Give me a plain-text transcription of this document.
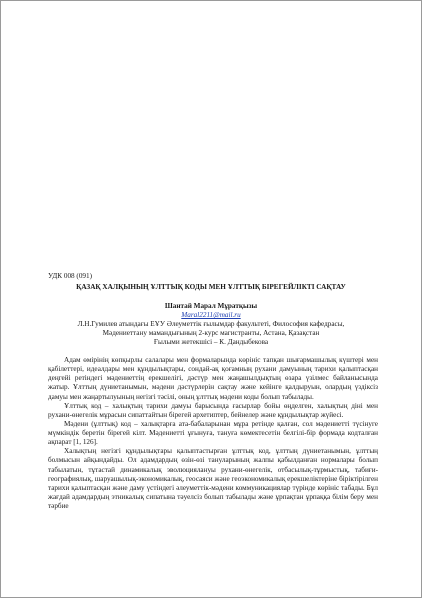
УДК 008 (091)
ҚАЗАҚ ХАЛҚЫНЫҢ ҰЛТТЫҚ КОДЫ МЕН ҰЛТТЫҚ БІРЕГЕЙЛІКТІ САҚТАУ
Шантай Марал Мұратқызы
Maral2211@mail.ru
Л.Н.Гумилев атындағы ЕҰУ Әлеуметтік ғылымдар факультеті, Философия кафедрасы,
Мәдениеттану мамандығының 2-курс магистранты, Астана, Қазақстан
Ғылыми жетекшісі – К. Дандыбекова

Адам өмірінің көпқырлы салалары мен формаларында көрініс тапқан шығармашылық күштері мен қабілеттері, идеалдары мен құндылықтары, сондай-ақ қоғамның рухани дамуының тарихи қалыптасқан деңгейі ретіндегі мәдениеттің ерекшелігі, дәстүр мен жаңашылдықтың өзара үзілмес байланысында жатыр. Ұлттың дүниетанымын, мәдени дәстүрлерін сақтау және кейінге қалдыруын, олардың үздіксіз дамуы мен жаңартылуының негізгі тәсілі, оның ұлттық мәдени коды болып табылады.

Ұлттық код – халықтың тарихи дамуы барысында ғасырлар бойы өңделген, халықтың діні мен рухани-өнегелік мұрасын сипаттайтын бірегей архетиптер, бейнелер және құндылықтар жүйесі.

Мәдени (ұлттық) код – халықтарға ата-бабаларынан мұра ретінде қалған, сол мәдениетті түсінуге мүмкіндік беретін бірегей кілт. Мәдениетті ұғынуға, тануға көмектесетін белгілі-бір формада кодталған ақпарат [1, 126].

Халықтың негізгі құндылықтары қалыптастырған ұлттық код, ұлттың дүниетанымын, ұлттың болмысын айқындайды. Ол адамдардың өзін-өзі тануларының жалпы қабылданған нормалары болып табылатын, тұтастай динамикалық эволюциялануы рухани-өнегелік, отбасылық-тұрмыстық, табиғи-географиялық, шаруашылық-экономикалық, геосаяси және геоэкономикалық ерекшеліктеріне біріктірілген тарихи қалыптасқан және даму үстіндегі әлеуметтік-мәдени коммуникациялар түрінде көрініс табады. Бұл жағдай адамдардың этникалық сипатына тәуелсіз болып табылады және ұрпақтан ұрпаққа білім беру мен тәрбие
